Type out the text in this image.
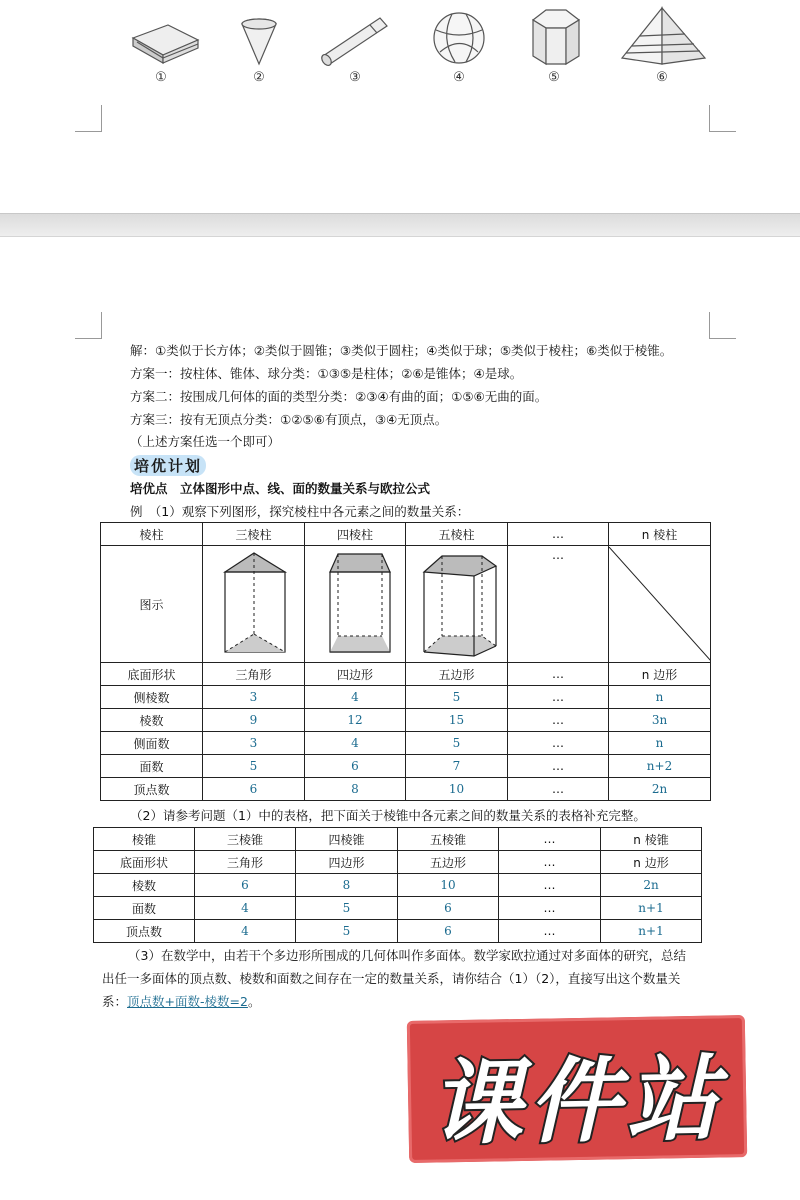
①	②	③	④	⑤	⑥
解：①类似于长方体；②类似于圆锥；③类似于圆柱；④类似于球；⑤类似于棱柱；⑥类似于棱锥。
方案一：按柱体、锥体、球分类：①③⑤是柱体；②⑥是锥体；④是球。
方案二：按围成几何体的面的类型分类：②③④有曲的面；①⑤⑥无曲的面。
方案三：按有无顶点分类：①②⑤⑥有顶点，③④无顶点。
（上述方案任选一个即可）
培优计划
培优点　立体图形中点、线、面的数量关系与欧拉公式
例　（1）观察下列图形，探究棱柱中各元素之间的数量关系：
棱柱	三棱柱	四棱柱	五棱柱	…	n 棱柱
图示				…	

底面形状	三角形	四边形	五边形	…	n 边形
侧棱数	3	4	5	…	n
棱数	9	12	15	…	3n
侧面数	3	4	5	…	n
面数	5	6	7	…	n+2
顶点数	6	8	10	…	2n
（2）请参考问题（1）中的表格，把下面关于棱锥中各元素之间的数量关系的表格补充完整。
棱锥	三棱锥	四棱锥	五棱锥	…	n 棱锥
底面形状	三角形	四边形	五边形	…	n 边形
棱数	6	8	10	…	2n
面数	4	5	6	…	n+1
顶点数	4	5	6	…	n+1
（3）在数学中，由若干个多边形所围成的几何体叫作多面体。数学家欧拉通过对多面体的研究，总结
出任一多面体的顶点数、棱数和面数之间存在一定的数量关系，请你结合（1）（2），直接写出这个数量关
系：顶点数+面数-棱数=2。
课件站
